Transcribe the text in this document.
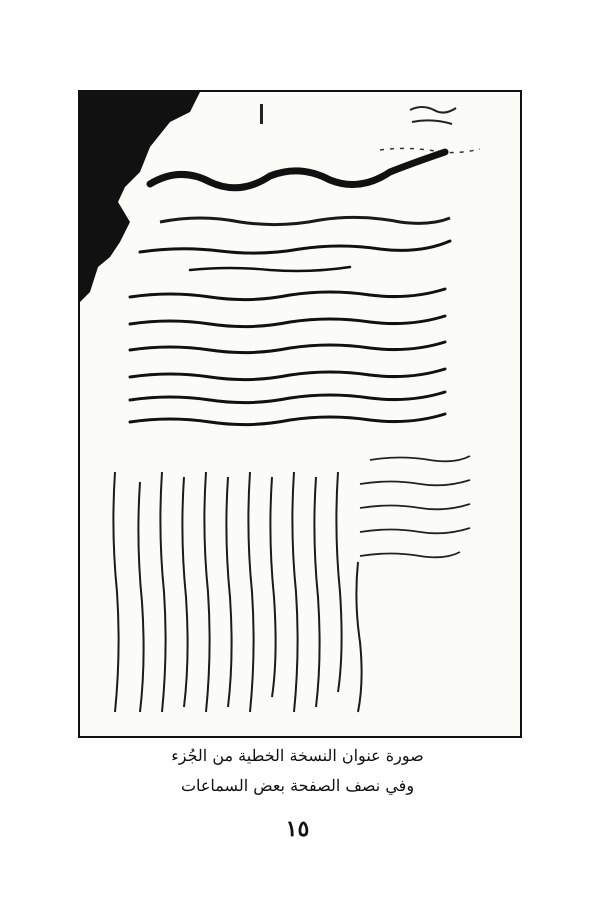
صورة عنوان النسخة الخطية من الجُزء
وفي نصف الصفحة بعض السماعات
١٥
